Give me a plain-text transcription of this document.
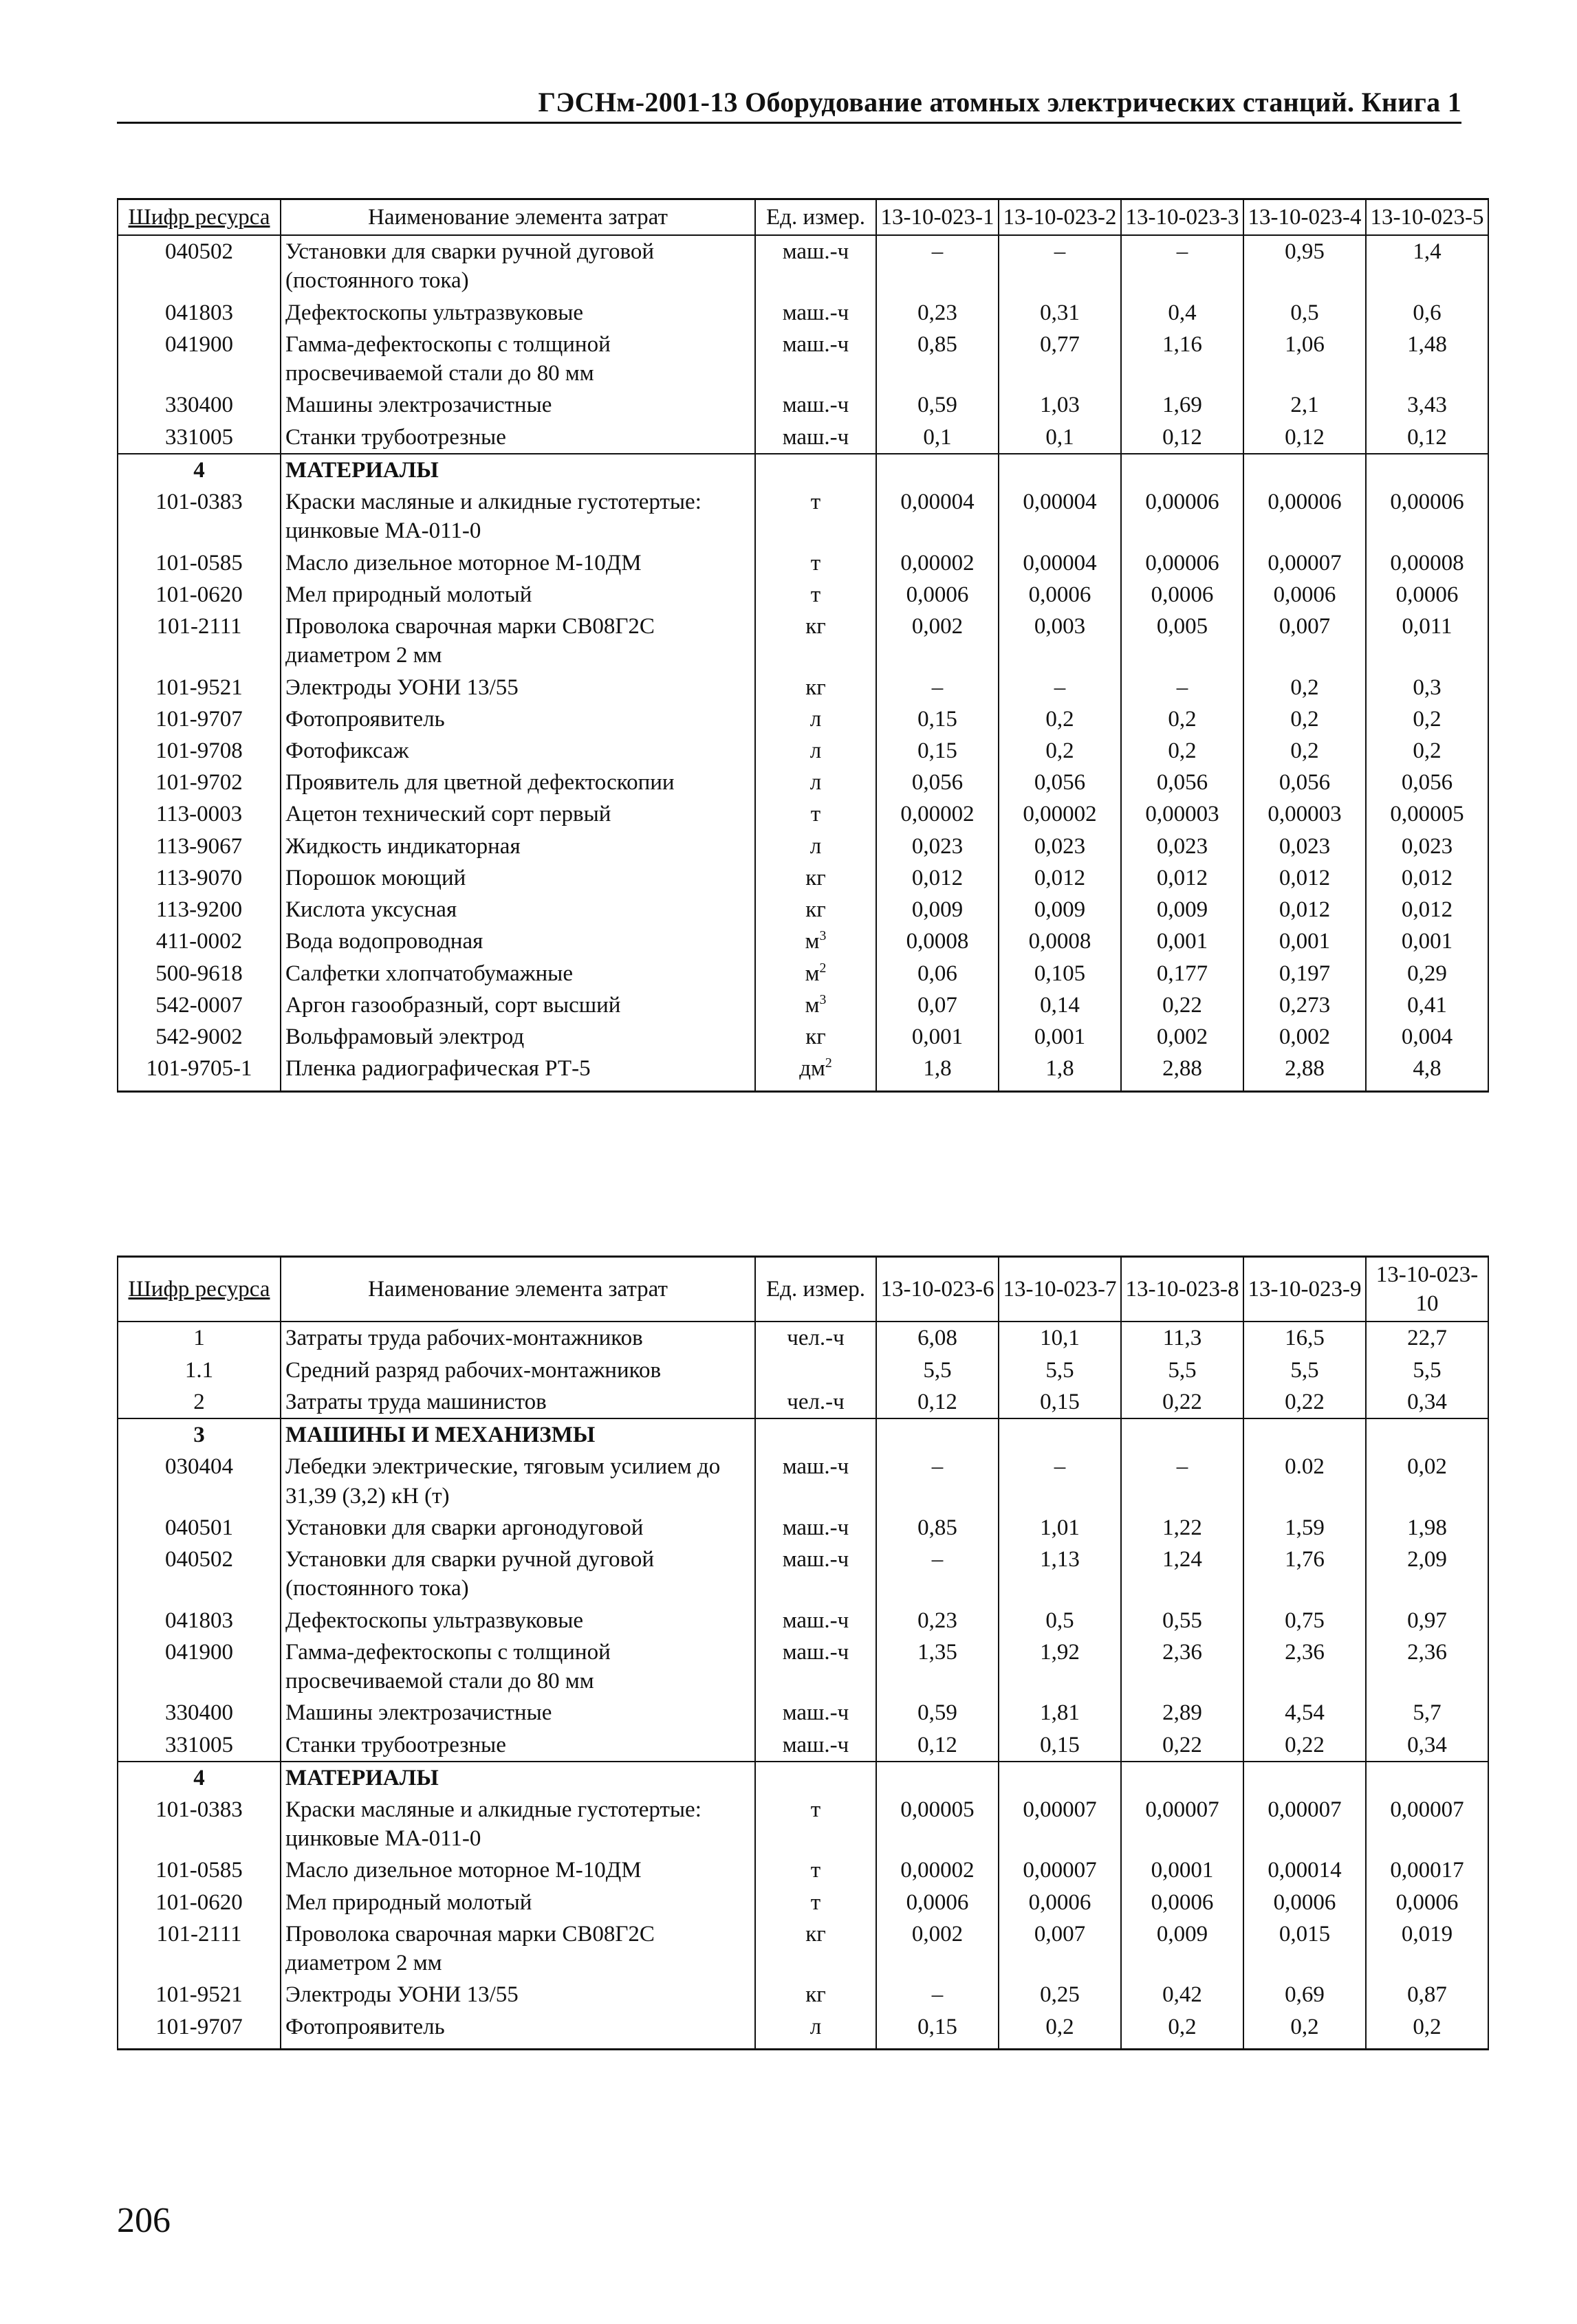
ГЭСНм-2001-13 Оборудование атомных электрических станций. Книга 1
Шифр ресурса	Наименование элемента затрат	Ед. измер.	13-10-023-1	13-10-023-2	13-10-023-3	13-10-023-4	13-10-023-5
040502	Установки для сварки ручной дуговой (постоянного тока)	маш.-ч	–	–	–	0,95	1,4
041803	Дефектоскопы ультразвуковые	маш.-ч	0,23	0,31	0,4	0,5	0,6
041900	Гамма-дефектоскопы с толщиной просвечиваемой стали до 80 мм	маш.-ч	0,85	0,77	1,16	1,06	1,48
330400	Машины электрозачистные	маш.-ч	0,59	1,03	1,69	2,1	3,43
331005	Станки трубоотрезные	маш.-ч	0,1	0,1	0,12	0,12	0,12
4	МАТЕРИАЛЫ						
101-0383	Краски масляные и алкидные густотертые: цинковые МА-011-0	т	0,00004	0,00004	0,00006	0,00006	0,00006
101-0585	Масло дизельное моторное М-10ДМ	т	0,00002	0,00004	0,00006	0,00007	0,00008
101-0620	Мел природный молотый	т	0,0006	0,0006	0,0006	0,0006	0,0006
101-2111	Проволока сварочная марки СВ08Г2С диаметром 2 мм	кг	0,002	0,003	0,005	0,007	0,011
101-9521	Электроды УОНИ 13/55	кг	–	–	–	0,2	0,3
101-9707	Фотопроявитель	л	0,15	0,2	0,2	0,2	0,2
101-9708	Фотофиксаж	л	0,15	0,2	0,2	0,2	0,2
101-9702	Проявитель для цветной дефектоскопии	л	0,056	0,056	0,056	0,056	0,056
113-0003	Ацетон технический сорт первый	т	0,00002	0,00002	0,00003	0,00003	0,00005
113-9067	Жидкость индикаторная	л	0,023	0,023	0,023	0,023	0,023
113-9070	Порошок моющий	кг	0,012	0,012	0,012	0,012	0,012
113-9200	Кислота уксусная	кг	0,009	0,009	0,009	0,012	0,012
411-0002	Вода водопроводная	$м^3$	0,0008	0,0008	0,001	0,001	0,001
500-9618	Салфетки хлопчатобумажные	$м^2$	0,06	0,105	0,177	0,197	0,29
542-0007	Аргон газообразный, сорт высший	$м^3$	0,07	0,14	0,22	0,273	0,41
542-9002	Вольфрамовый электрод	кг	0,001	0,001	0,002	0,002	0,004
101-9705-1	Пленка радиографическая РТ-5	$дм^2$	1,8	1,8	2,88	2,88	4,8
Шифр ресурса	Наименование элемента затрат	Ед. измер.	13-10-023-6	13-10-023-7	13-10-023-8	13-10-023-9	13-10-023-10
1	Затраты труда рабочих-монтажников	чел.-ч	6,08	10,1	11,3	16,5	22,7
1.1	Средний разряд рабочих-монтажников		5,5	5,5	5,5	5,5	5,5
2	Затраты труда машинистов	чел.-ч	0,12	0,15	0,22	0,22	0,34
3	МАШИНЫ И МЕХАНИЗМЫ						
030404	Лебедки электрические, тяговым усилием до 31,39 (3,2) кН (т)	маш.-ч	–	–	–	0.02	0,02
040501	Установки для сварки аргонодуговой	маш.-ч	0,85	1,01	1,22	1,59	1,98
040502	Установки для сварки ручной дуговой (постоянного тока)	маш.-ч	–	1,13	1,24	1,76	2,09
041803	Дефектоскопы ультразвуковые	маш.-ч	0,23	0,5	0,55	0,75	0,97
041900	Гамма-дефектоскопы с толщиной просвечиваемой стали до 80 мм	маш.-ч	1,35	1,92	2,36	2,36	2,36
330400	Машины электрозачистные	маш.-ч	0,59	1,81	2,89	4,54	5,7
331005	Станки трубоотрезные	маш.-ч	0,12	0,15	0,22	0,22	0,34
4	МАТЕРИАЛЫ						
101-0383	Краски масляные и алкидные густотертые: цинковые МА-011-0	т	0,00005	0,00007	0,00007	0,00007	0,00007
101-0585	Масло дизельное моторное М-10ДМ	т	0,00002	0,00007	0,0001	0,00014	0,00017
101-0620	Мел природный молотый	т	0,0006	0,0006	0,0006	0,0006	0,0006
101-2111	Проволока сварочная марки СВ08Г2С диаметром 2 мм	кг	0,002	0,007	0,009	0,015	0,019
101-9521	Электроды УОНИ 13/55	кг	–	0,25	0,42	0,69	0,87
101-9707	Фотопроявитель	л	0,15	0,2	0,2	0,2	0,2
206
